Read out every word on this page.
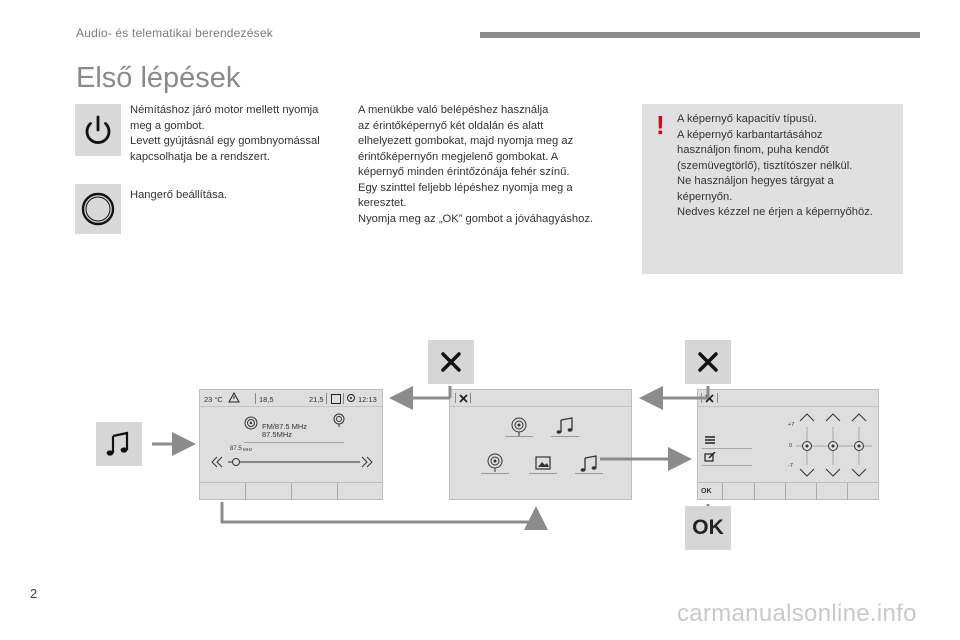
Audio- és telematikai berendezések
Első lépések
Némításhoz járó motor mellett nyomja
meg a gombot.
Levett gyújtásnál egy gombnyomással
kapcsolhatja be a rendszert.
Hangerő beállítása.
A menükbe való belépéshez használja
az érintőképernyő két oldalán és alatt
elhelyezett gombokat, majd nyomja meg az
érintőképernyőn megjelenő gombokat. A
képernyő minden érintőzónája fehér színű.
Egy szinttel feljebb lépéshez nyomja meg a
keresztet.
Nyomja meg az „OK” gombot a jóváhagyáshoz.
! A képernyő kapacitív típusú.
A képernyő karbantartásához
használjon finom, puha kendőt
(szemüvegtörlő), tisztítószer nélkül.
Ne használjon hegyes tárgyat a
képernyőn.
Nedves kézzel ne érjen a képernyőhöz.
OK
23 °C	18,5	21,5	12:13
FM/87.5 MHz
87.5MHz
87.5 MHz
+7
0
-7
OK
2
carmanualsonline.info
